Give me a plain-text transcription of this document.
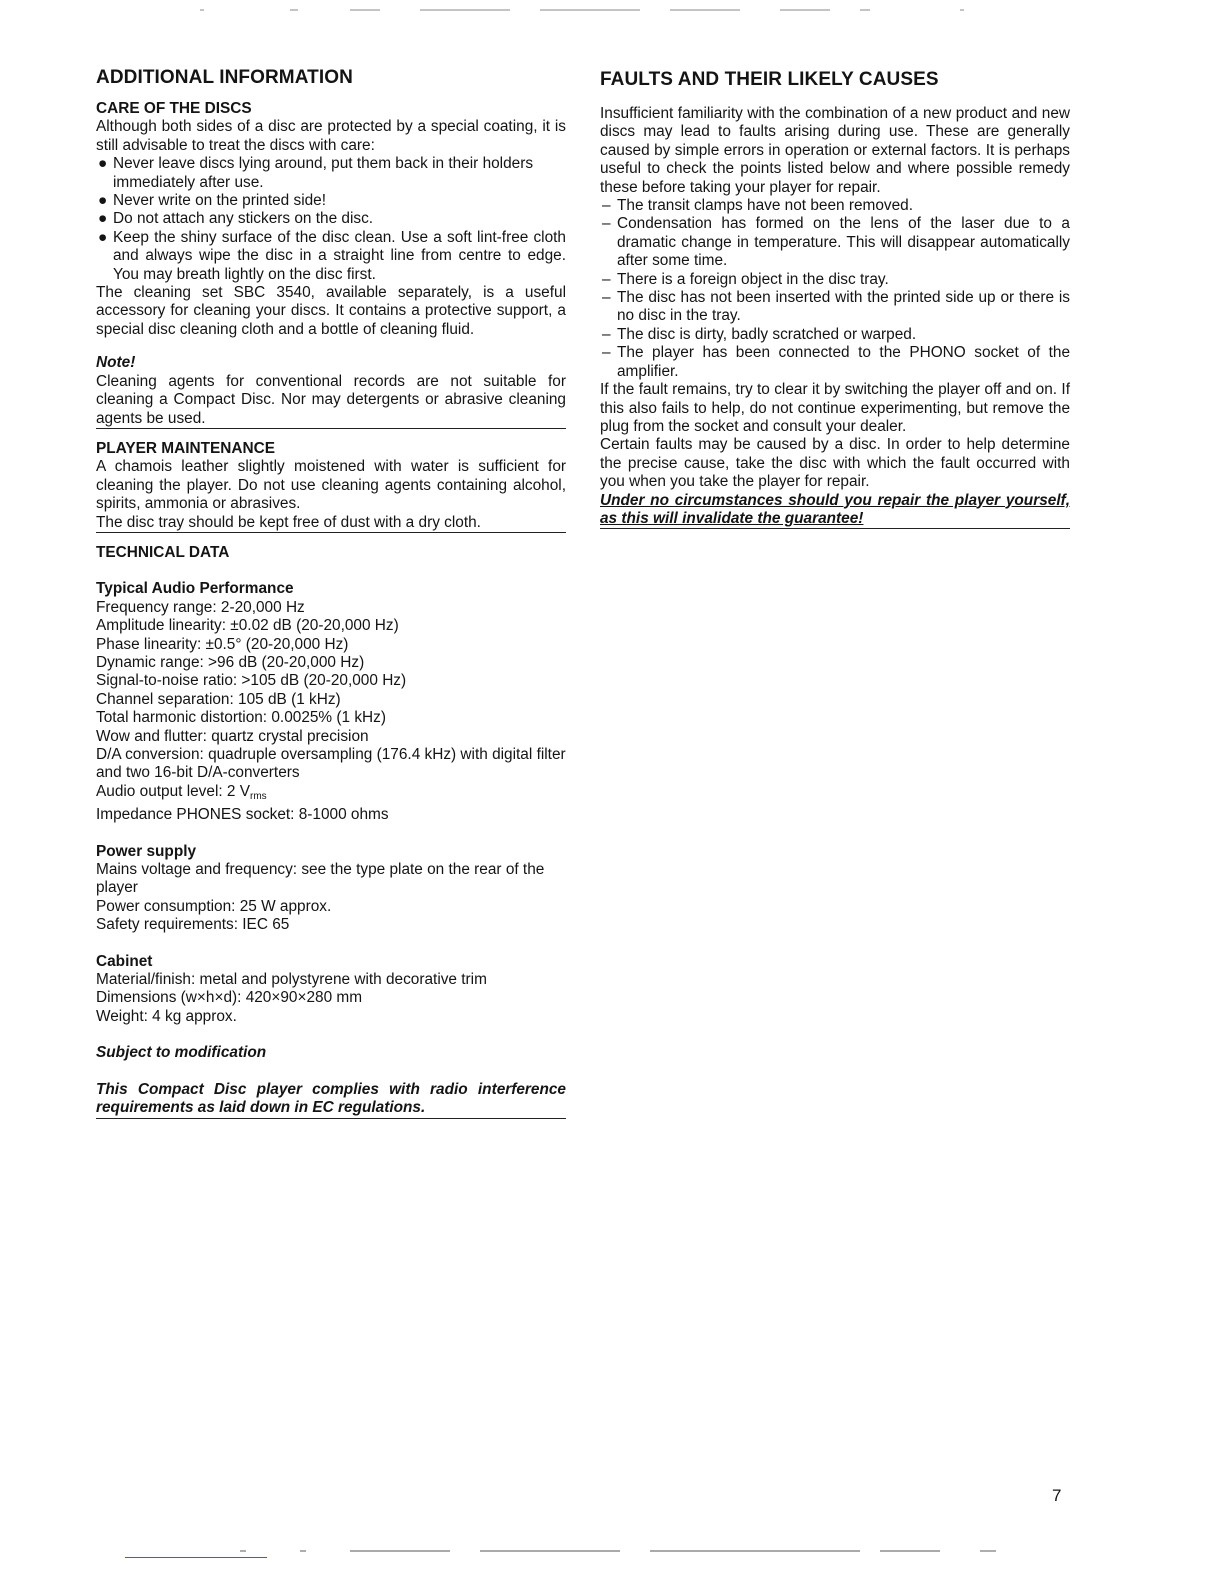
ADDITIONAL INFORMATION
CARE OF THE DISCS

Although both sides of a disc are protected by a special coating, it is still advisable to treat the discs with care:

● Never leave discs lying around, put them back in their holders immediately after use.
● Never write on the printed side!
● Do not attach any stickers on the disc.
● Keep the shiny surface of the disc clean. Use a soft lint-free cloth and always wipe the disc in a straight line from centre to edge. You may breath lightly on the disc first.

The cleaning set SBC 3540, available separately, is a useful accessory for cleaning your discs. It contains a protective support, a special disc cleaning cloth and a bottle of cleaning fluid.

Note!

Cleaning agents for conventional records are not suitable for cleaning a Compact Disc. Nor may detergents or abrasive cleaning agents be used.

PLAYER MAINTENANCE

A chamois leather slightly moistened with water is sufficient for cleaning the player. Do not use cleaning agents containing alcohol, spirits, ammonia or abrasives.

The disc tray should be kept free of dust with a dry cloth.

TECHNICAL DATA
Typical Audio Performance

Frequency range: 2-20,000 Hz

Amplitude linearity: ±0.02 dB (20-20,000 Hz)

Phase linearity: ±0.5° (20-20,000 Hz)

Dynamic range: >96 dB (20-20,000 Hz)

Signal-to-noise ratio: >105 dB (20-20,000 Hz)

Channel separation: 105 dB (1 kHz)

Total harmonic distortion: 0.0025% (1 kHz)

Wow and flutter: quartz crystal precision

D/A conversion: quadruple oversampling (176.4 kHz) with digital filter and two 16-bit D/A-converters

Audio output level: 2 $V_{rms}$

Impedance PHONES socket: 8-1000 ohms

Power supply

Mains voltage and frequency: see the type plate on the rear of the player

Power consumption: 25 W approx.

Safety requirements: IEC 65

Cabinet

Material/finish: metal and polystyrene with decorative trim

Dimensions (w×h×d): 420×90×280 mm

Weight: 4 kg approx.

Subject to modification

This Compact Disc player complies with radio interference requirements as laid down in EC regulations.

FAULTS AND THEIR LIKELY CAUSES

Insufficient familiarity with the combination of a new product and new discs may lead to faults arising during use. These are generally caused by simple errors in operation or external factors. It is perhaps useful to check the points listed below and where possible remedy these before taking your player for repair.

– The transit clamps have not been removed.
– Condensation has formed on the lens of the laser due to a dramatic change in temperature. This will disappear automatically after some time.
– There is a foreign object in the disc tray.
– The disc has not been inserted with the printed side up or there is no disc in the tray.
– The disc is dirty, badly scratched or warped.
– The player has been connected to the PHONO socket of the amplifier.

If the fault remains, try to clear it by switching the player off and on. If this also fails to help, do not continue experimenting, but remove the plug from the socket and consult your dealer.

Certain faults may be caused by a disc. In order to help determine the precise cause, take the disc with which the fault occurred with you when you take the player for repair.

Under no circumstances should you repair the player yourself, as this will invalidate the guarantee!

7
